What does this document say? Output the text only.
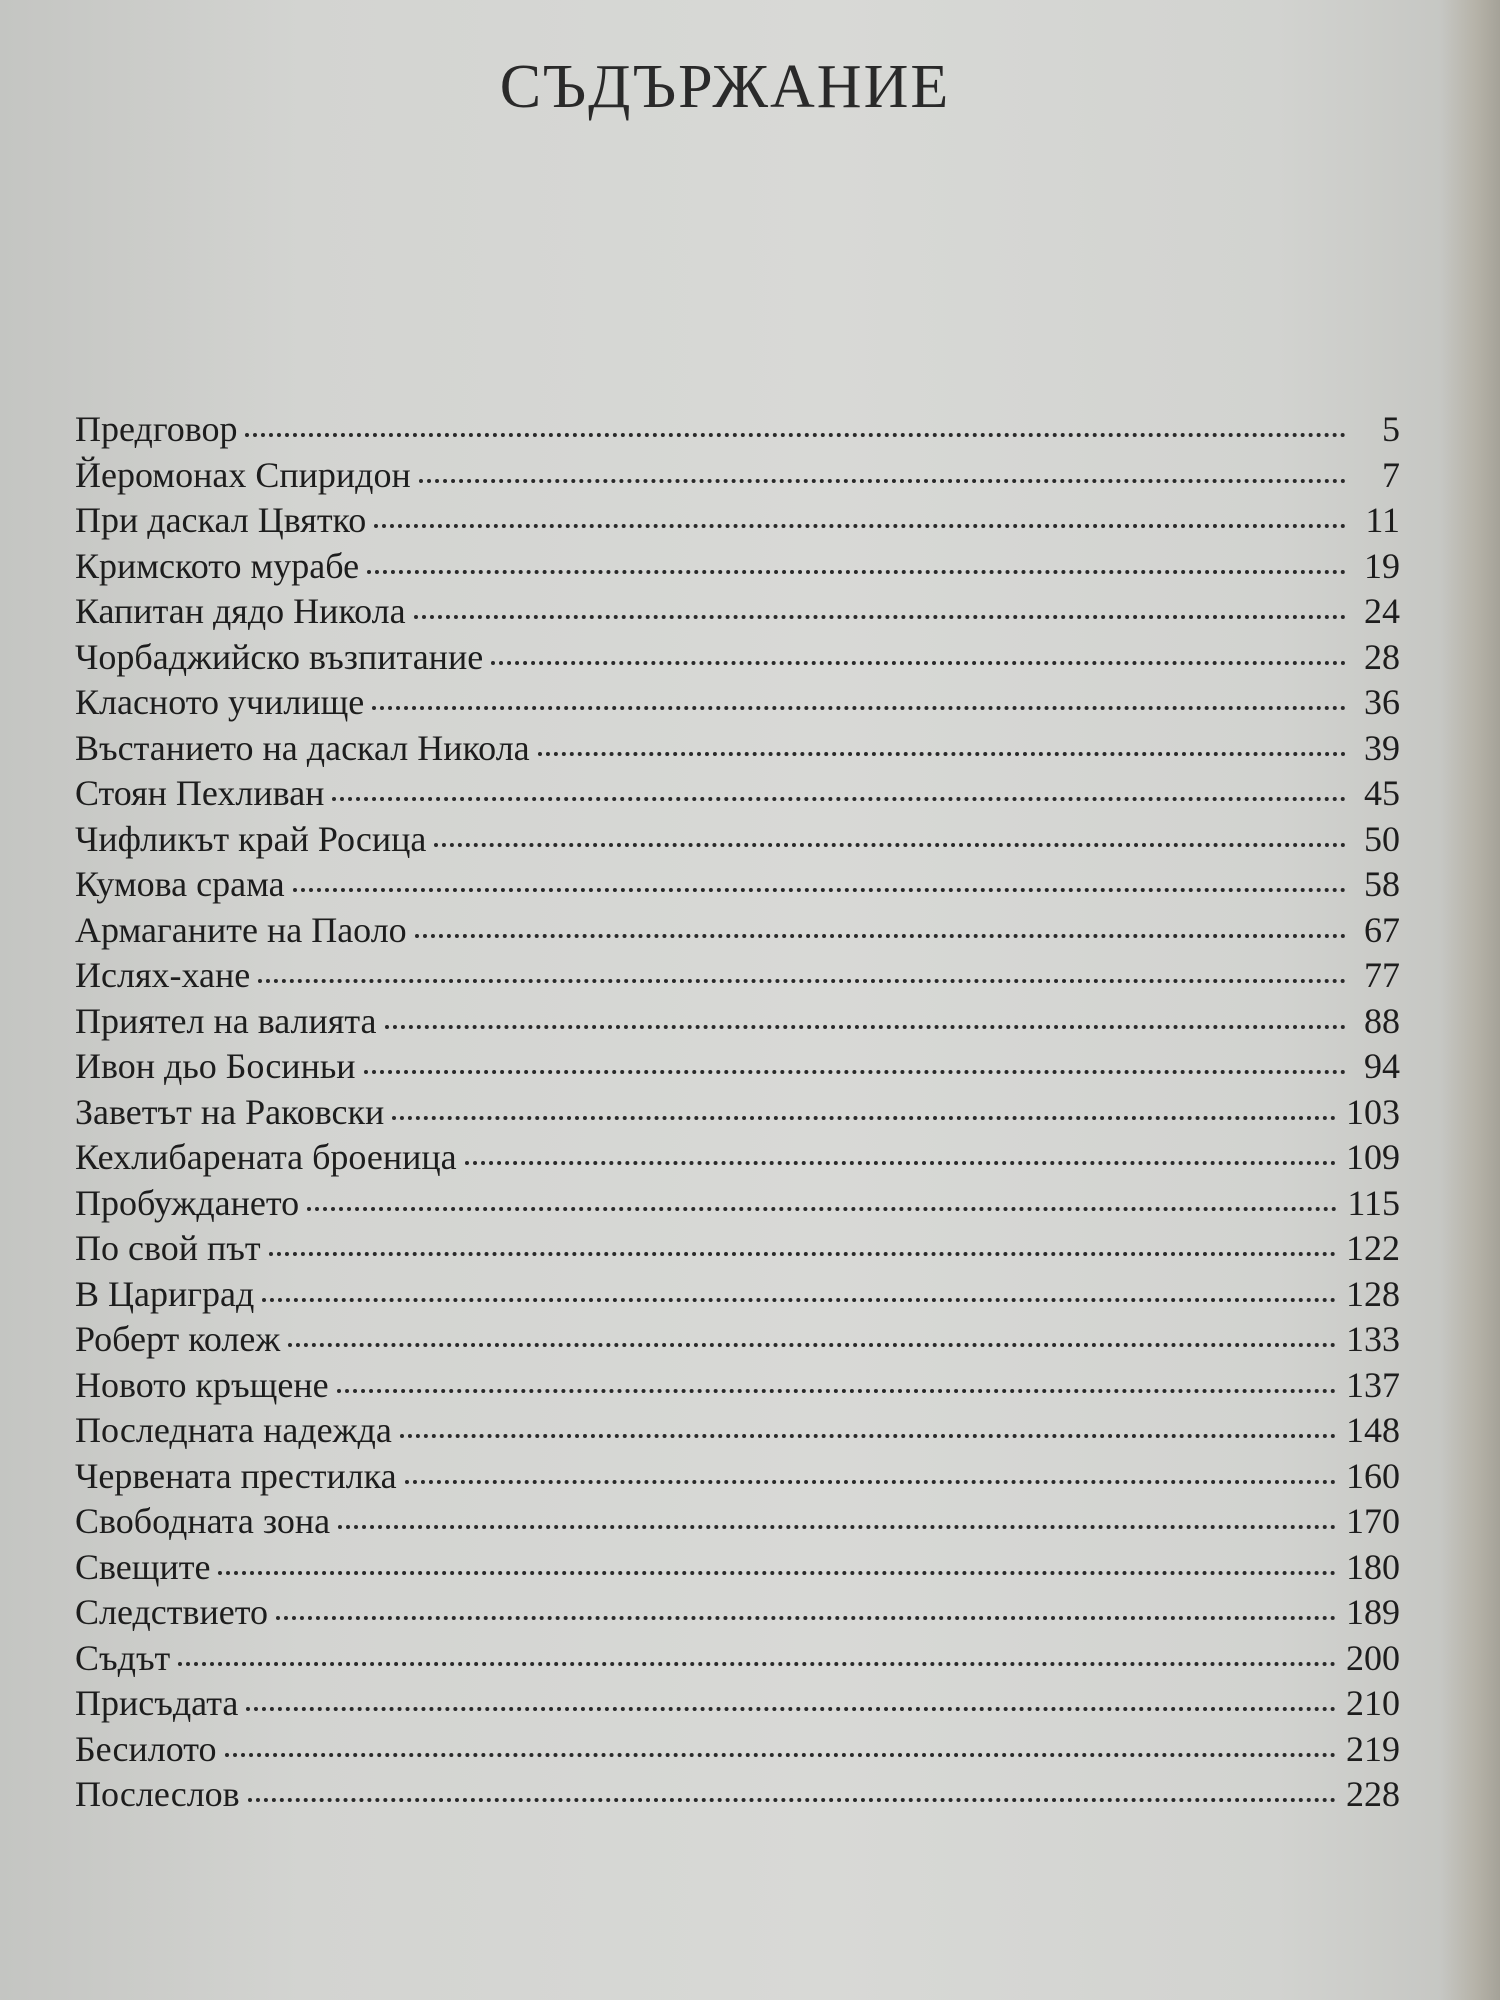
СЪДЪРЖАНИЕ
Предговор	5
Йеромонах Спиридон	7
При даскал Цвятко	11
Кримското мурабе	19
Капитан дядо Никола	24
Чорбаджийско възпитание	28
Класното училище	36
Въстанието на даскал Никола	39
Стоян Пехливан	45
Чифликът край Росица	50
Кумова срама	58
Армаганите на Паоло	67
Ислях-хане	77
Приятел на валията	88
Ивон дьо Босиньи	94
Заветът на Раковски	103
Кехлибарената броеница	109
Пробуждането	115
По свой път	122
В Цариград	128
Роберт колеж	133
Новото кръщене	137
Последната надежда	148
Червената престилка	160
Свободната зона	170
Свещите	180
Следствието	189
Съдът	200
Присъдата	210
Бесилото	219
Послеслов	228
